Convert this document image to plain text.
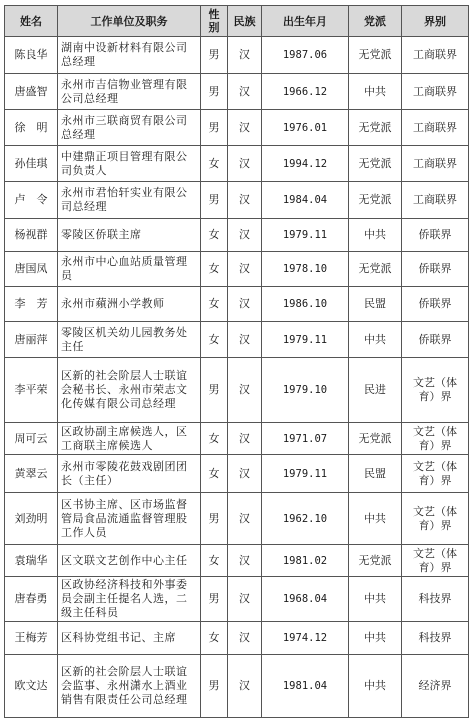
姓名	工作单位及职务	性别	民族	出生年月	党派	界别
陈良华	湖南中设新材料有限公司总经理	男	汉	1987.06	无党派	工商联界
唐盛智	永州市吉信物业管理有限公司总经理	男	汉	1966.12	中共	工商联界
徐　明	永州市三联商贸有限公司总经理	男	汉	1976.01	无党派	工商联界
孙佳琪	中建鼎正项目管理有限公司负责人	女	汉	1994.12	无党派	工商联界
卢　令	永州市君怡轩实业有限公司总经理	男	汉	1984.04	无党派	工商联界
杨视群	零陵区侨联主席	女	汉	1979.11	中共	侨联界
唐国凤	永州市中心血站质量管理员	女	汉	1978.10	无党派	侨联界
李　芳	永州市蘋洲小学教师	女	汉	1986.10	民盟	侨联界
唐丽萍	零陵区机关幼儿园教务处主任	女	汉	1979.11	中共	侨联界
李平荣	区新的社会阶层人士联谊会秘书长、永州市荣志文化传媒有限公司总经理	男	汉	1979.10	民进	文艺（体育）界
周可云	区政协副主席候选人，区工商联主席候选人	女	汉	1971.07	无党派	文艺（体育）界
黄翠云	永州市零陵花鼓戏剧团团长（主任）	女	汉	1979.11	民盟	文艺（体育）界
刘劲明	区书协主席、区市场监督管局食品流通监督管理股工作人员	男	汉	1962.10	中共	文艺（体育）界
袁瑞华	区文联文艺创作中心主任	女	汉	1981.02	无党派	文艺（体育）界
唐春勇	区政协经济科技和外事委员会副主任提名人选，二级主任科员	男	汉	1968.04	中共	科技界
王梅芳	区科协党组书记、主席	女	汉	1974.12	中共	科技界
欧文达	区新的社会阶层人士联谊会监事、永州潇水上酒业销售有限责任公司总经理	男	汉	1981.04	中共	经济界
